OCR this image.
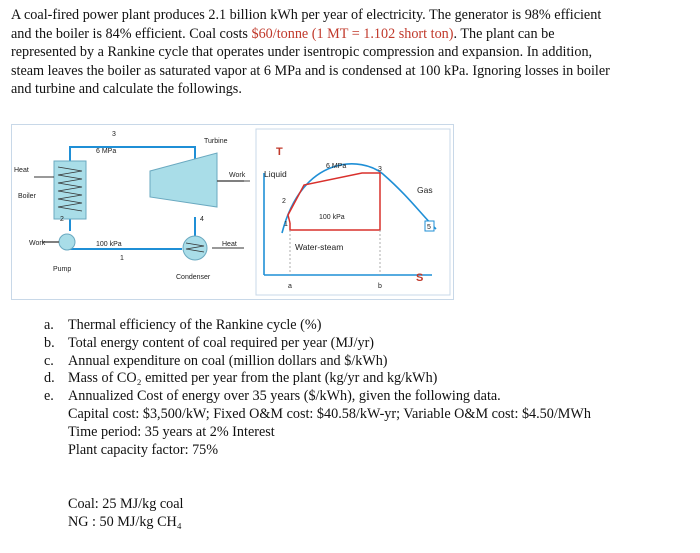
A coal-fired power plant produces 2.1 billion kWh per year of electricity. The generator is 98% efficient
and the boiler is 84% efficient. Coal costs $60/tonne (1 MT = 1.102 short ton). The plant can be
represented by a Rankine cycle that operates under isentropic compression and expansion. In addition,
steam leaves the boiler as saturated vapor at 6 MPa and is condensed at 100 kPa. Ignoring losses in boiler
and turbine and calculate the followings.
3
6 MPa
Turbine
Heat
Work
Boiler
2	4
Work	100 kPa
1
Heat
Pump
Condenser
T
S
Liquid
Gas
6 MPa
100 kPa
Water-steam
1
2
3
a	b
5
a. Thermal efficiency of the Rankine cycle (%)
b. Total energy content of coal required per year (MJ/yr)
c. Annual expenditure on coal (million dollars and $/kWh)
d. Mass of CO₂ emitted per year from the plant (kg/yr and kg/kWh)
e. Annualized Cost of energy over 35 years ($/kWh), given the following data.
Capital cost: $3,500/kW; Fixed O&M cost: $40.58/kW-yr; Variable O&M cost: $4.50/MWh
Time period: 35 years at 2% Interest
Plant capacity factor: 75%
Coal: 25 MJ/kg coal
NG : 50 MJ/kg CH₄
